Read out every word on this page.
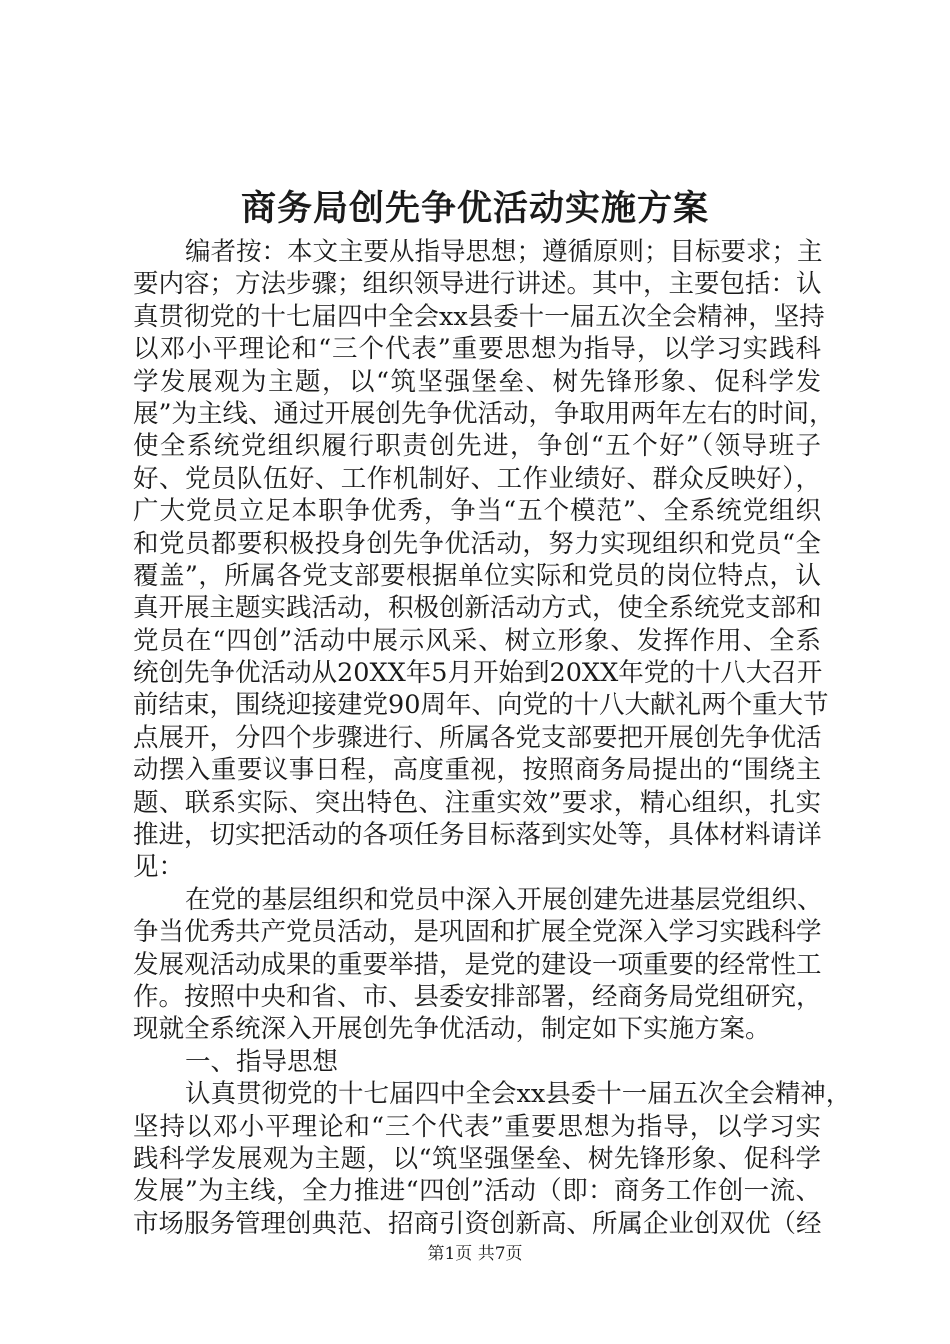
商务局创先争优活动实施方案
编者按：本文主要从指导思想；遵循原则；目标要求；主
要内容；方法步骤；组织领导进行讲述。其中，主要包括：认
真贯彻党的十七届四中全会xx县委十一届五次全会精神，坚持
以邓小平理论和“三个代表”重要思想为指导，以学习实践科
学发展观为主题，以“筑坚强堡垒、树先锋形象、促科学发
展”为主线、通过开展创先争优活动，争取用两年左右的时间，
使全系统党组织履行职责创先进，争创“五个好”（领导班子
好、党员队伍好、工作机制好、工作业绩好、群众反映好），
广大党员立足本职争优秀，争当“五个模范”、全系统党组织
和党员都要积极投身创先争优活动，努力实现组织和党员“全
覆盖”，所属各党支部要根据单位实际和党员的岗位特点，认
真开展主题实践活动，积极创新活动方式，使全系统党支部和
党员在“四创”活动中展示风采、树立形象、发挥作用、全系
统创先争优活动从20XX年5月开始到20XX年党的十八大召开
前结束，围绕迎接建党90周年、向党的十八大献礼两个重大节
点展开，分四个步骤进行、所属各党支部要把开展创先争优活
动摆入重要议事日程，高度重视，按照商务局提出的“围绕主
题、联系实际、突出特色、注重实效”要求，精心组织，扎实
推进，切实把活动的各项任务目标落到实处等，具体材料请详
见：
在党的基层组织和党员中深入开展创建先进基层党组织、
争当优秀共产党员活动，是巩固和扩展全党深入学习实践科学
发展观活动成果的重要举措，是党的建设一项重要的经常性工
作。按照中央和省、市、县委安排部署，经商务局党组研究，
现就全系统深入开展创先争优活动，制定如下实施方案。
一、指导思想
认真贯彻党的十七届四中全会xx县委十一届五次全会精神，
坚持以邓小平理论和“三个代表”重要思想为指导，以学习实
践科学发展观为主题，以“筑坚强堡垒、树先锋形象、促科学
发展”为主线，全力推进“四创”活动（即：商务工作创一流、
市场服务管理创典范、招商引资创新高、所属企业创双优（经
第1页 共7页
